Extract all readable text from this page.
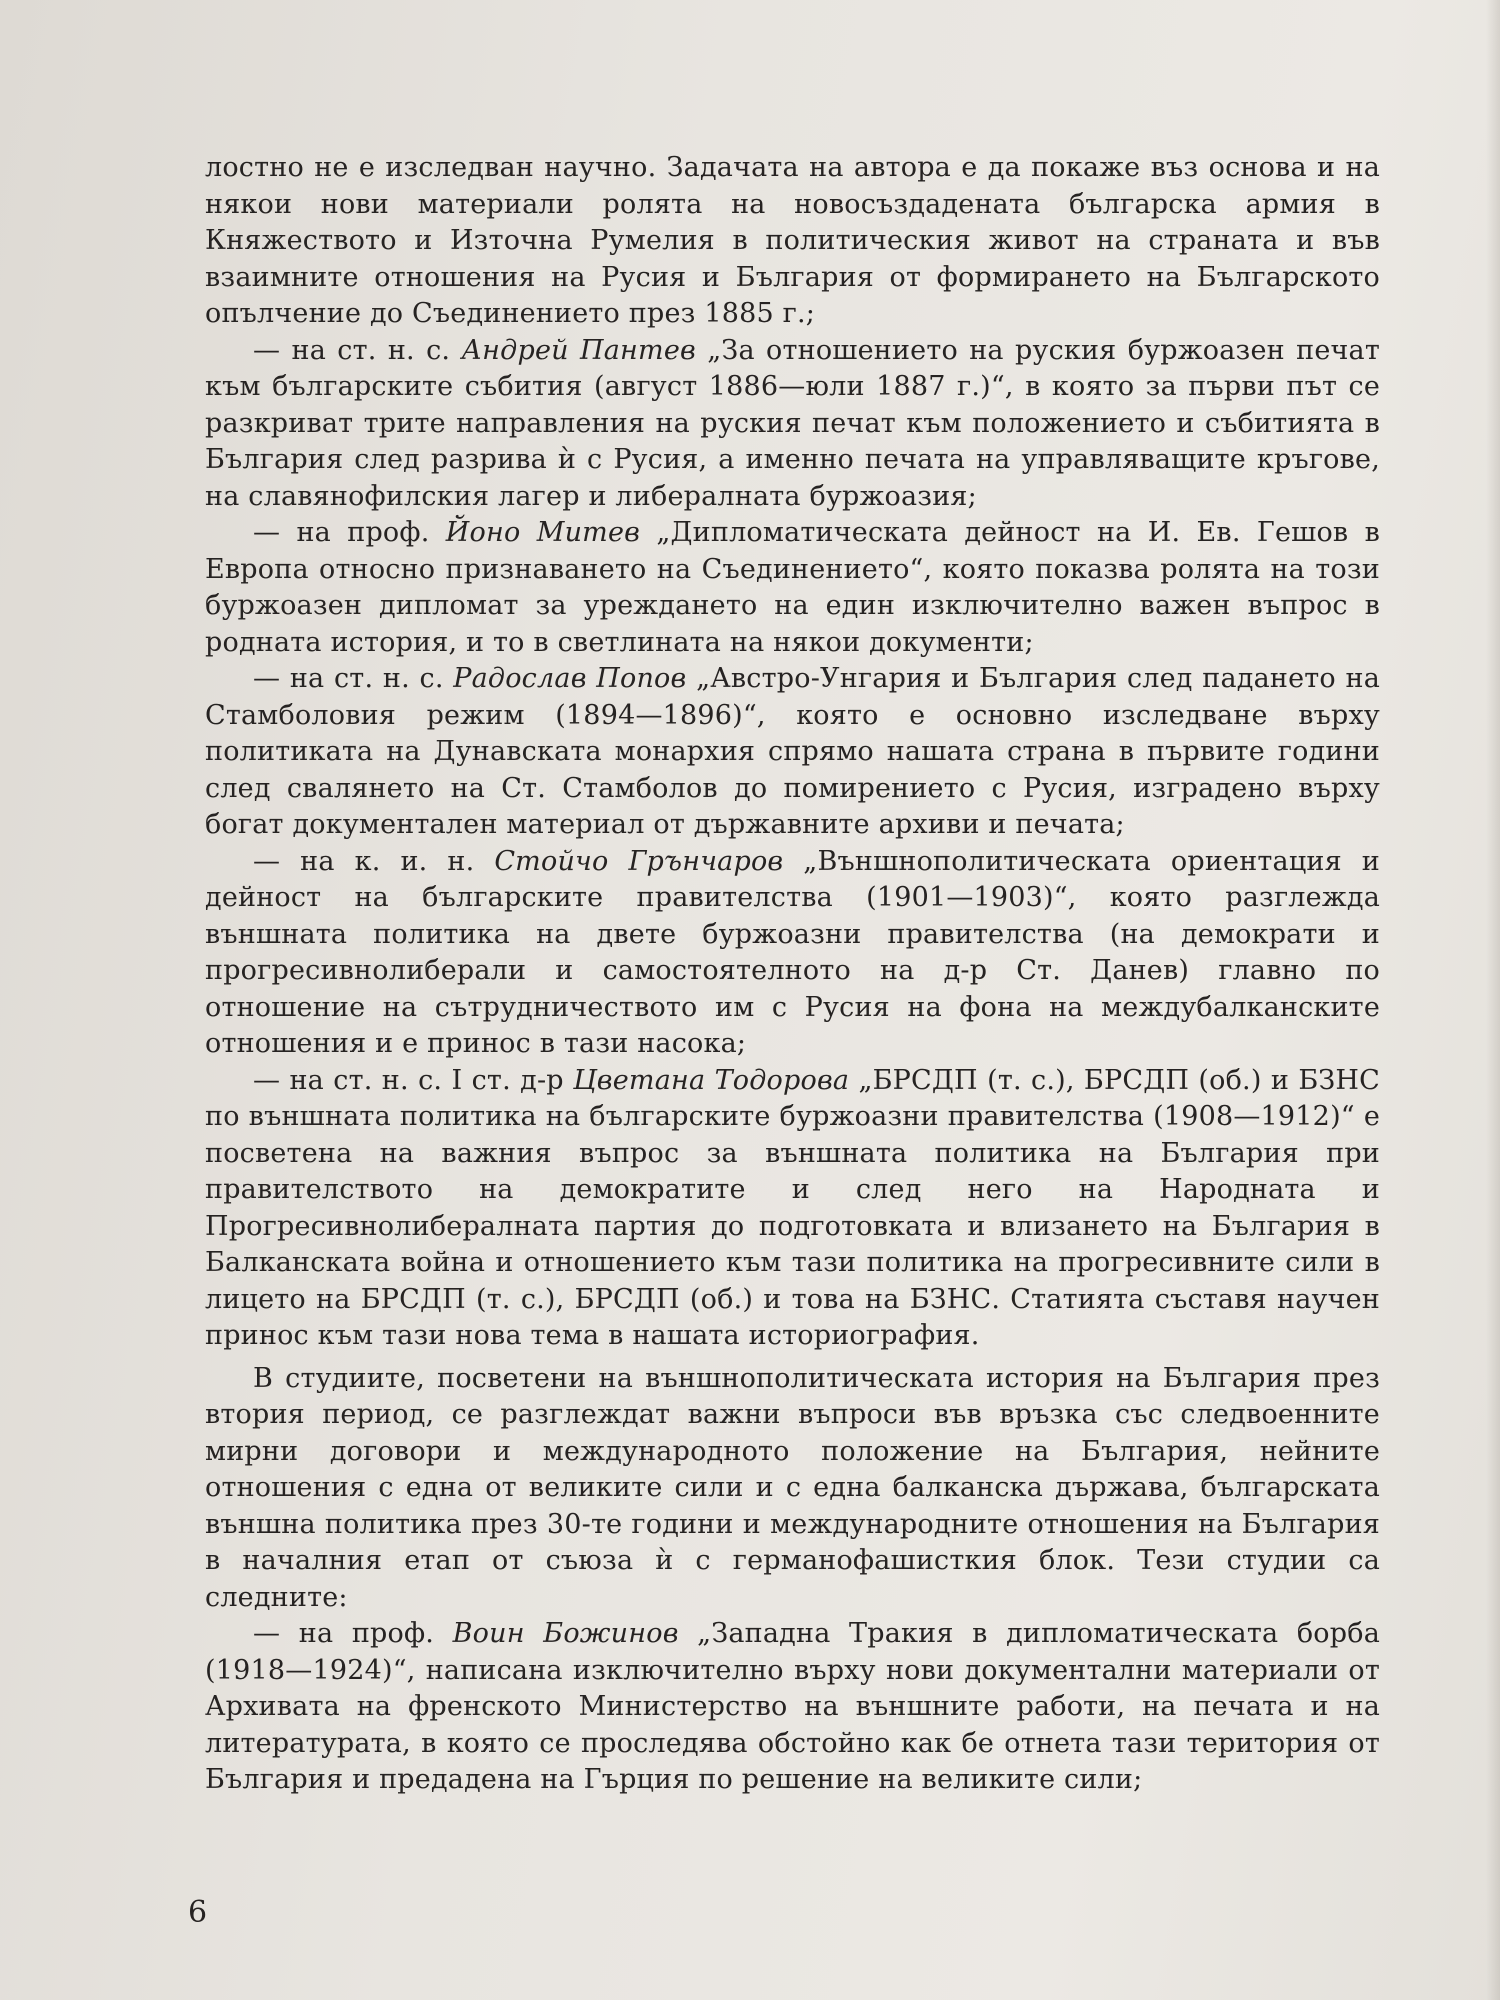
лостно не е изследван научно. Задачата на автора е да покаже въз основа и на някои нови материали ролята на новосъздадената българска армия в Княжеството и Източна Румелия в политическия живот на страната и във взаимните отношения на Русия и България от формирането на Българското опълчение до Съединението през 1885 г.;

— на ст. н. с. Андрей Пантев „За отношението на руския буржоазен печат към българските събития (август 1886—юли 1887 г.)“, в която за първи път се разкриват трите направления на руския печат към положението и събитията в България след разрива ѝ с Русия, а именно печата на управляващите кръгове, на славянофилския лагер и либералната буржоазия;

— на проф. Йоно Митев „Дипломатическата дейност на И. Ев. Гешов в Европа относно признаването на Съединението“, която показва ролята на този буржоазен дипломат за уреждането на един изключително важен въпрос в родната история, и то в светлината на някои документи;

— на ст. н. с. Радослав Попов „Австро-Унгария и България след падането на Стамболовия режим (1894—1896)“, която е основно изследване върху политиката на Дунавската монархия спрямо нашата страна в първите години след свалянето на Ст. Стамболов до помирението с Русия, изградено върху богат документален материал от държавните архиви и печата;

— на к. и. н. Стойчо Грънчаров „Външнополитическата ориентация и дейност на българските правителства (1901—1903)“, която разглежда външната политика на двете буржоазни правителства (на демократи и прогресивнолиберали и самостоятелното на д-р Ст. Данев) главно по отношение на сътрудничеството им с Русия на фона на междубалканските отношения и е принос в тази насока;

— на ст. н. с. I ст. д-р Цветана Тодорова „БРСДП (т. с.), БРСДП (об.) и БЗНС по външната политика на българските буржоазни правителства (1908—1912)“ е посветена на важния въпрос за външната политика на България при правителството на демократите и след него на Народната и Прогресивнолибералната партия до подготовката и влизането на България в Балканската война и отношението към тази политика на прогресивните сили в лицето на БРСДП (т. с.), БРСДП (об.) и това на БЗНС. Статията съставя научен принос към тази нова тема в нашата историография.

В студиите, посветени на външнополитическата история на България през втория период, се разглеждат важни въпроси във връзка със следвоенните мирни договори и международното положение на България, нейните отношения с една от великите сили и с една балканска държава, българската външна политика през 30-те години и международните отношения на България в началния етап от съюза ѝ с германофашисткия блок. Тези студии са следните:

— на проф. Воин Божинов „Западна Тракия в дипломатическата борба (1918—1924)“, написана изключително върху нови документални материали от Архивата на френското Министерство на външните работи, на печата и на литературата, в която се проследява обстойно как бе отнета тази територия от България и предадена на Гърция по решение на великите сили;

6
